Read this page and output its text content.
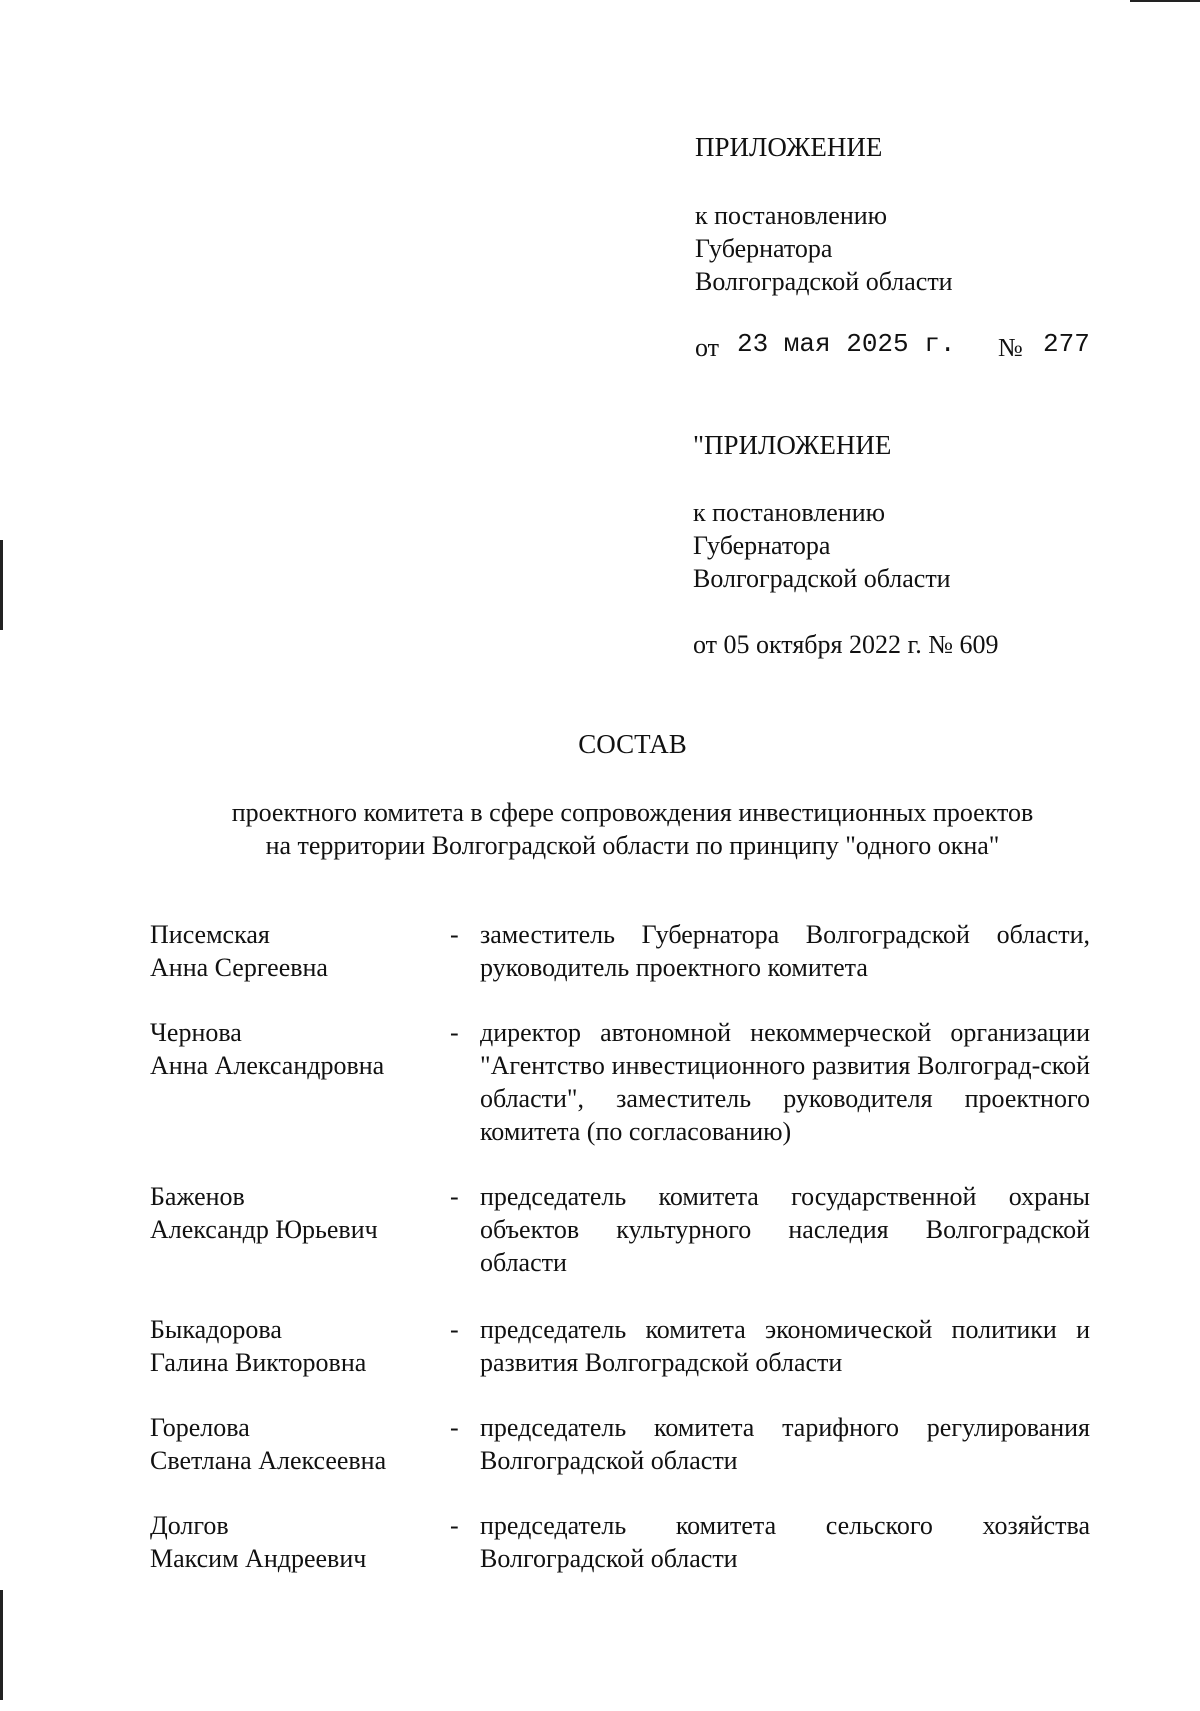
ПРИЛОЖЕНИЕ
к постановлению
Губернатора
Волгоградской области
от 23 мая 2025 г. № 277
"ПРИЛОЖЕНИЕ
к постановлению
Губернатора
Волгоградской области
от 05 октября 2022 г. № 609
СОСТАВ
проектного комитета в сфере сопровождения инвестиционных проектов
на территории Волгоградской области по принципу "одного окна"
Писемская
Анна Сергеевна
- заместитель Губернатора Волгоградской области, руководитель проектного комитета
Чернова
Анна Александровна
- директор автономной некоммерческой организации "Агентство инвестиционного развития Волгоград-ской области", заместитель руководителя проектного комитета (по согласованию)
Баженов
Александр Юрьевич
- председатель комитета государственной охраны объектов культурного наследия Волгоградской области
Быкадорова
Галина Викторовна
- председатель комитета экономической политики и развития Волгоградской области
Горелова
Светлана Алексеевна
- председатель комитета тарифного регулирования Волгоградской области
Долгов
Максим Андреевич
- председатель комитета сельского хозяйства Волгоградской области
